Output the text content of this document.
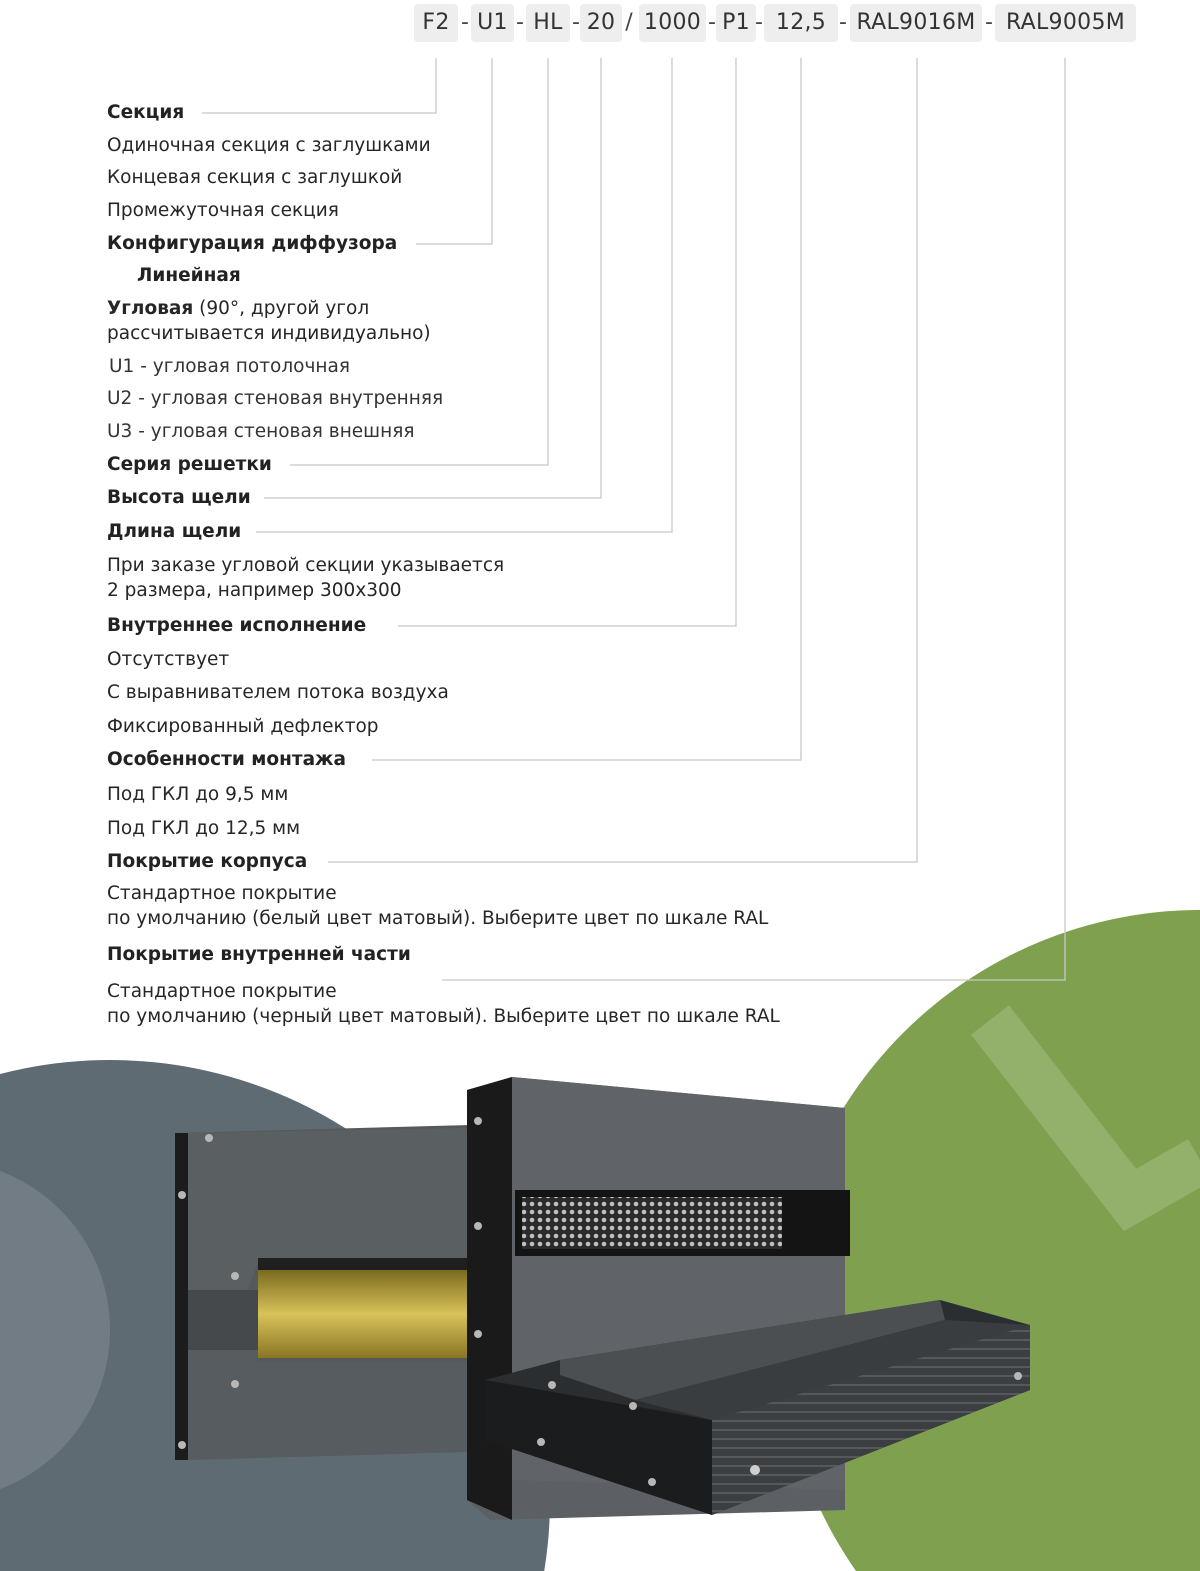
F2 - U1 - HL - 20 / 1000 - P1 - 12,5 - RAL9016M - RAL9005M
Секция
Одиночная секция с заглушками
Концевая секция с заглушкой
Промежуточная секция
Конфигурация диффузора
Линейная
Угловая (90°, другой угол
рассчитывается индивидуально)
U1 - угловая потолочная
U2 - угловая стеновая внутренняя
U3 - угловая стеновая внешняя
Серия решетки
Высота щели
Длина щели
При заказе угловой секции указывается
2 размера, например 300х300
Внутреннее исполнение
Отсутствует
С выравнивателем потока воздуха
Фиксированный дефлектор
Особенности монтажа
Под ГКЛ до 9,5 мм
Под ГКЛ до 12,5 мм
Покрытие корпуса
Стандартное покрытие
по умолчанию (белый цвет матовый). Выберите цвет по шкале RAL
Покрытие внутренней части
Стандартное покрытие
по умолчанию (черный цвет матовый). Выберите цвет по шкале RAL
